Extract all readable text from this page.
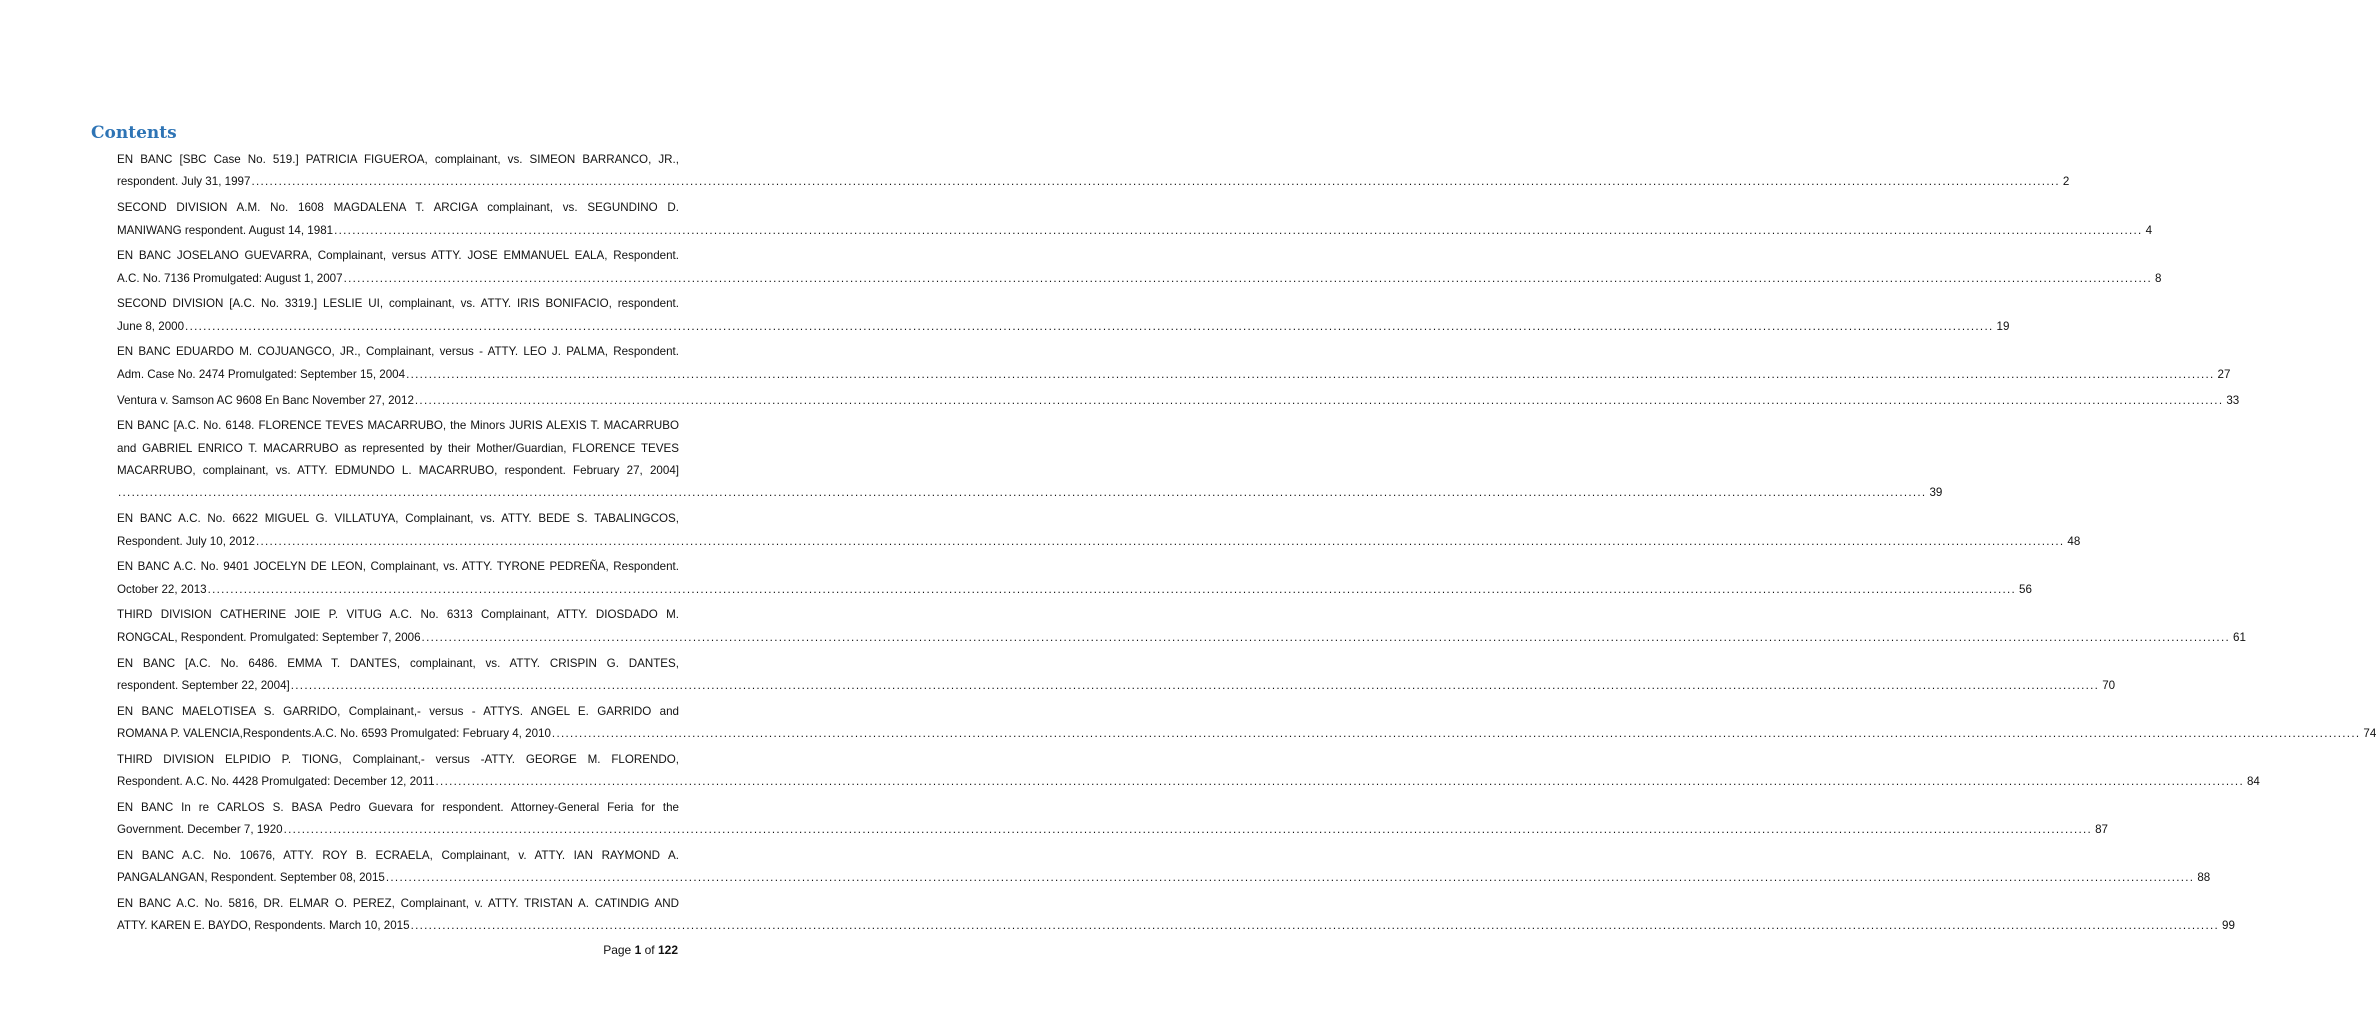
Contents
EN BANC [SBC Case No. 519.] PATRICIA FIGUEROA, complainant, vs. SIMEON BARRANCO, JR.,
respondent. July 31, 1997 ................................................................................................................................................................................................................................................................................................................................................................................................................ 2
SECOND DIVISION A.M. No. 1608 MAGDALENA T. ARCIGA complainant, vs. SEGUNDINO D.
MANIWANG respondent. August 14, 1981 ................................................................................................................................................................................................................................................................................................................................................................................................................ 4
EN BANC JOSELANO GUEVARRA, Complainant, versus ATTY. JOSE EMMANUEL EALA, Respondent.
A.C. No. 7136 Promulgated: August 1, 2007 ................................................................................................................................................................................................................................................................................................................................................................................................................ 8
SECOND DIVISION [A.C. No. 3319.] LESLIE UI, complainant, vs. ATTY. IRIS BONIFACIO, respondent.
June 8, 2000 ................................................................................................................................................................................................................................................................................................................................................................................................................ 19
EN BANC EDUARDO M. COJUANGCO, JR., Complainant, versus - ATTY. LEO J. PALMA, Respondent.
Adm. Case No. 2474 Promulgated: September 15, 2004 ................................................................................................................................................................................................................................................................................................................................................................................................................ 27
Ventura v. Samson AC 9608 En Banc November 27, 2012 ................................................................................................................................................................................................................................................................................................................................................................................................................ 33
EN BANC [A.C. No. 6148. FLORENCE TEVES MACARRUBO, the Minors JURIS ALEXIS T. MACARRUBO
and GABRIEL ENRICO T. MACARRUBO as represented by their Mother/Guardian, FLORENCE TEVES
MACARRUBO, complainant, vs. ATTY. EDMUNDO L. MACARRUBO, respondent. February 27, 2004]
................................................................................................................................................................................................................................................................................................................................................................................................................ 39
EN BANC A.C. No. 6622 MIGUEL G. VILLATUYA, Complainant, vs. ATTY. BEDE S. TABALINGCOS,
Respondent. July 10, 2012 ................................................................................................................................................................................................................................................................................................................................................................................................................ 48
EN BANC A.C. No. 9401 JOCELYN DE LEON, Complainant, vs. ATTY. TYRONE PEDREÑA, Respondent.
October 22, 2013 ................................................................................................................................................................................................................................................................................................................................................................................................................ 56
THIRD DIVISION CATHERINE JOIE P. VITUG A.C. No. 6313 Complainant, ATTY. DIOSDADO M.
RONGCAL, Respondent. Promulgated: September 7, 2006 ................................................................................................................................................................................................................................................................................................................................................................................................................ 61
EN BANC [A.C. No. 6486. EMMA T. DANTES, complainant, vs. ATTY. CRISPIN G. DANTES,
respondent. September 22, 2004] ................................................................................................................................................................................................................................................................................................................................................................................................................ 70
EN BANC MAELOTISEA S. GARRIDO, Complainant,- versus - ATTYS. ANGEL E. GARRIDO and
ROMANA P. VALENCIA,Respondents.A.C. No. 6593 Promulgated: February 4, 2010 ................................................................................................................................................................................................................................................................................................................................................................................................................ 74
THIRD DIVISION ELPIDIO P. TIONG, Complainant,- versus -ATTY. GEORGE M. FLORENDO,
Respondent. A.C. No. 4428 Promulgated: December 12, 2011 ................................................................................................................................................................................................................................................................................................................................................................................................................ 84
EN BANC In re CARLOS S. BASA Pedro Guevara for respondent. Attorney-General Feria for the
Government. December 7, 1920 ................................................................................................................................................................................................................................................................................................................................................................................................................ 87
EN BANC A.C. No. 10676, ATTY. ROY B. ECRAELA, Complainant, v. ATTY. IAN RAYMOND A.
PANGALANGAN, Respondent. September 08, 2015 ................................................................................................................................................................................................................................................................................................................................................................................................................ 88
EN BANC A.C. No. 5816, DR. ELMAR O. PEREZ, Complainant, v. ATTY. TRISTAN A. CATINDIG AND
ATTY. KAREN E. BAYDO, Respondents. March 10, 2015 ................................................................................................................................................................................................................................................................................................................................................................................................................ 99
Page 1 of 122
